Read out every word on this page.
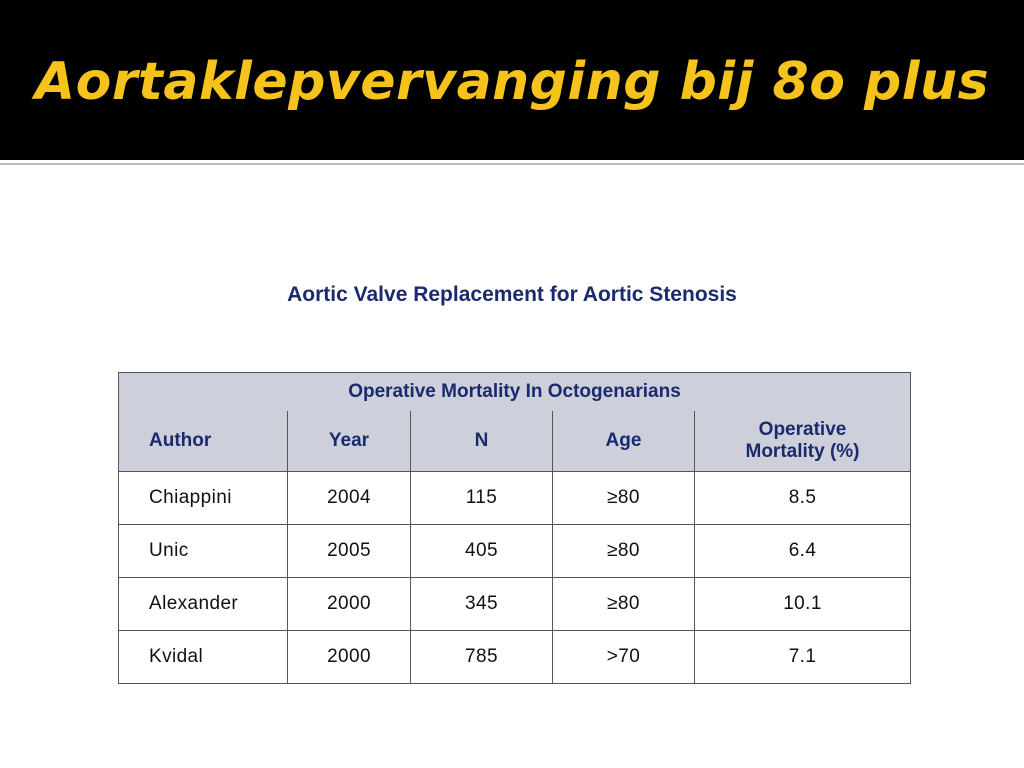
Aortaklepvervanging bij 8o plus
Aortic Valve Replacement for Aortic Stenosis
Operative Mortality In Octogenarians				
Author	Year	N	Age	Operative
Mortality (%)
Chiappini	2004	115	≥80	8.5
Unic	2005	405	≥80	6.4
Alexander	2000	345	≥80	10.1
Kvidal	2000	785	>70	7.1
